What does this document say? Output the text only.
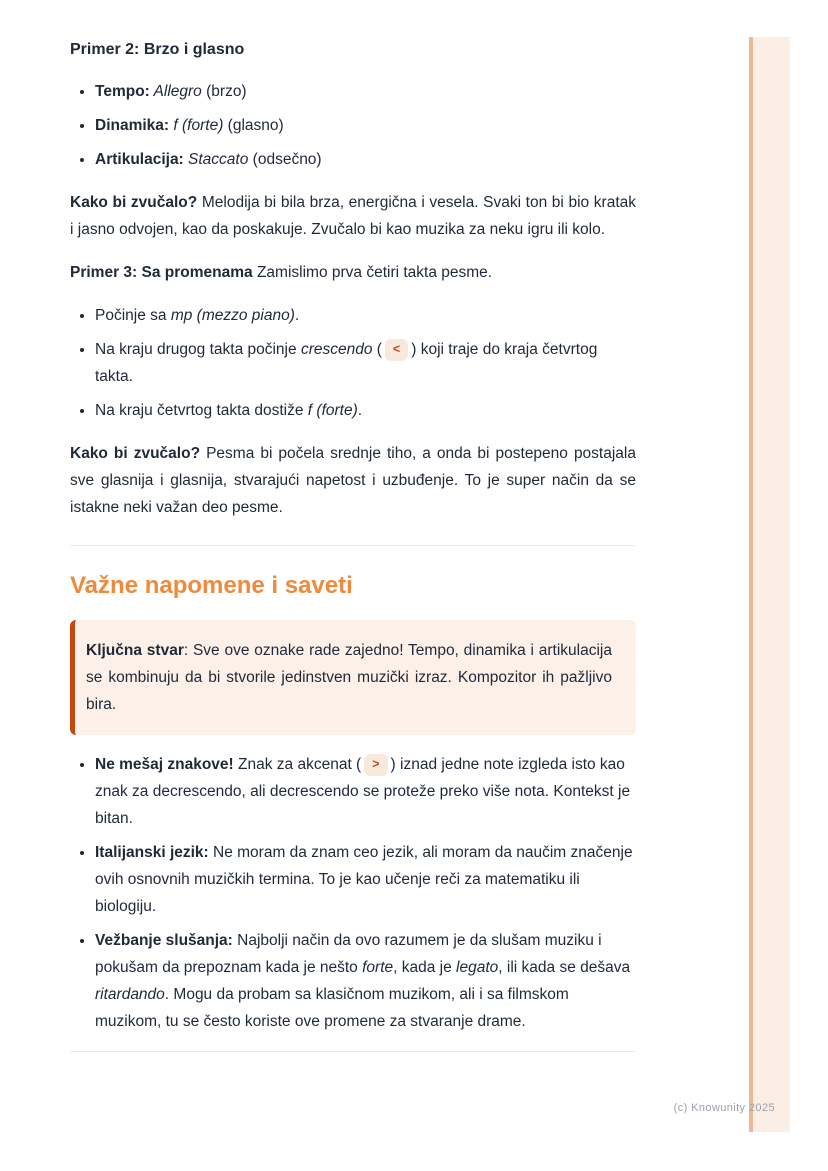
Primer 2: Brzo i glasno
• Tempo: Allegro (brzo)
• Dinamika: f (forte) (glasno)
• Artikulacija: Staccato (odsečno)

Kako bi zvučalo? Melodija bi bila brza, energična i vesela. Svaki ton bi bio kratak i jasno odvojen, kao da poskakuje. Zvučalo bi kao muzika za neku igru ili kolo.

Primer 3: Sa promenama Zamislimo prva četiri takta pesme.

• Počinje sa mp (mezzo piano).
• Na kraju drugog takta počinje crescendo ( < ) koji traje do kraja četvrtog takta.
• Na kraju četvrtog takta dostiže f (forte).

Kako bi zvučalo? Pesma bi počela srednje tiho, a onda bi postepeno postajala sve glasnija i glasnija, stvarajući napetost i uzbuđenje. To je super način da se istakne neki važan deo pesme.

Važne napomene i saveti
Ključna stvar: Sve ove oznake rade zajedno! Tempo, dinamika i artikulacija se kombinuju da bi stvorile jedinstven muzički izraz. Kompozitor ih pažljivo bira.
• Ne mešaj znakove! Znak za akcenat ( > ) iznad jedne note izgleda isto kao znak za decrescendo, ali decrescendo se proteže preko više nota. Kontekst je bitan.
• Italijanski jezik: Ne moram da znam ceo jezik, ali moram da naučim značenje ovih osnovnih muzičkih termina. To je kao učenje reči za matematiku ili biologiju.
• Vežbanje slušanja: Najbolji način da ovo razumem je da slušam muziku i pokušam da prepoznam kada je nešto forte, kada je legato, ili kada se dešava ritardando. Mogu da probam sa klasičnom muzikom, ali i sa filmskom muzikom, tu se često koriste ove promene za stvaranje drame.
(c) Knowunity 2025
